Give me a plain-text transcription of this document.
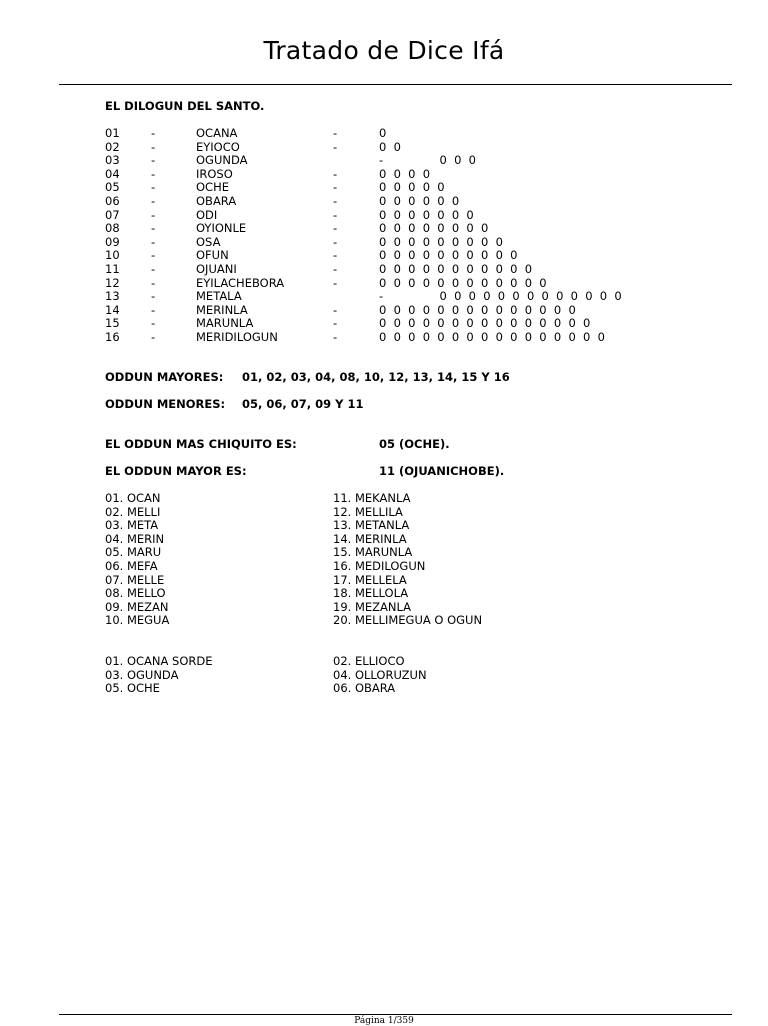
Tratado de Dice Ifá
EL DILOGUN DEL SANTO.
01	-	OCANA	-	0
02	-	EYIOCO	-	0 0
03	-	OGUNDA	-          0 0 0
04	-	IROSO	-	0 0 0 0
05	-	OCHE	-	0 0 0 0 0
06	-	OBARA	-	0 0 0 0 0 0
07	-	ODI	-	0 0 0 0 0 0 0
08	-	OYIONLE	-	0 0 0 0 0 0 0 0
09	-	OSA	-	0 0 0 0 0 0 0 0 0
10	-	OFUN	-	0 0 0 0 0 0 0 0 0 0
11	-	OJUANI	-	0 0 0 0 0 0 0 0 0 0 0
12	-	EYILACHEBORA	-	0 0 0 0 0 0 0 0 0 0 0 0
13	-	METALA	-          0 0 0 0 0 0 0 0 0 0 0 0 0
14	-	MERINLA	-	0 0 0 0 0 0 0 0 0 0 0 0 0 0
15	-	MARUNLA	-	0 0 0 0 0 0 0 0 0 0 0 0 0 0 0
16	-	MERIDILOGUN	-	0 0 0 0 0 0 0 0 0 0 0 0 0 0 0 0
ODDUN MAYORES: 01, 02, 03, 04, 08, 10, 12, 13, 14, 15 Y 16
ODDUN MENORES: 05, 06, 07, 09 Y 11
EL ODDUN MAS CHIQUITO ES:	05 (OCHE).
EL ODDUN MAYOR ES:	11 (OJUANICHOBE).
01. OCAN	11. MEKANLA
02. MELLI	12. MELLILA
03. META	13. METANLA
04. MERIN	14. MERINLA
05. MARU	15. MARUNLA
06. MEFA	16. MEDILOGUN
07. MELLE	17. MELLELA
08. MELLO	18. MELLOLA
09. MEZAN	19. MEZANLA
10. MEGUA	20. MELLIMEGUA O OGUN
01. OCANA SORDE	02. ELLIOCO
03. OGUNDA	04. OLLORUZUN
05. OCHE	06. OBARA
Página 1/359
